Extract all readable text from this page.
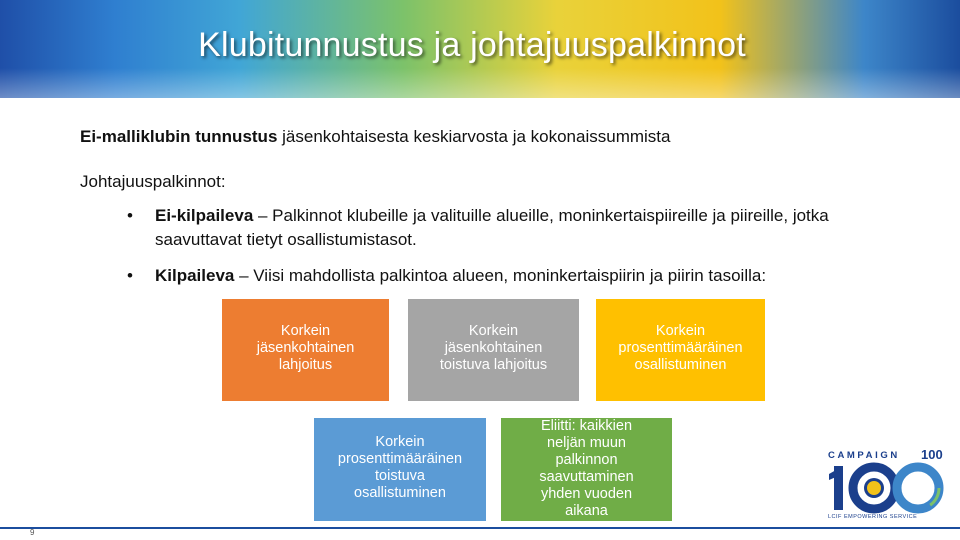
Klubitunnustus ja johtajuuspalkinnot
Ei-malliklubin tunnustus jäsenkohtaisesta keskiarvosta ja kokonaissummista
Johtajuuspalkinnot:
• Ei-kilpaileva – Palkinnot klubeille ja valituille alueille, moninkertaispiireille ja piireille, jotka saavuttavat tietyt osallistumistasot.
• Kilpaileva – Viisi mahdollista palkintoa alueen, moninkertaispiirin ja piirin tasoilla:
Korkein
jäsenkohtainen
lahjoitus
Korkein
jäsenkohtainen
toistuva lahjoitus
Korkein
prosenttimääräinen
osallistuminen
Korkein
prosenttimääräinen
toistuva
osallistuminen
Eliitti: kaikkien
neljän muun
palkinnon
saavuttaminen
yhden vuoden
aikana
CAMPAIGN 100
LCIF EMPOWERING SERVICE
9
